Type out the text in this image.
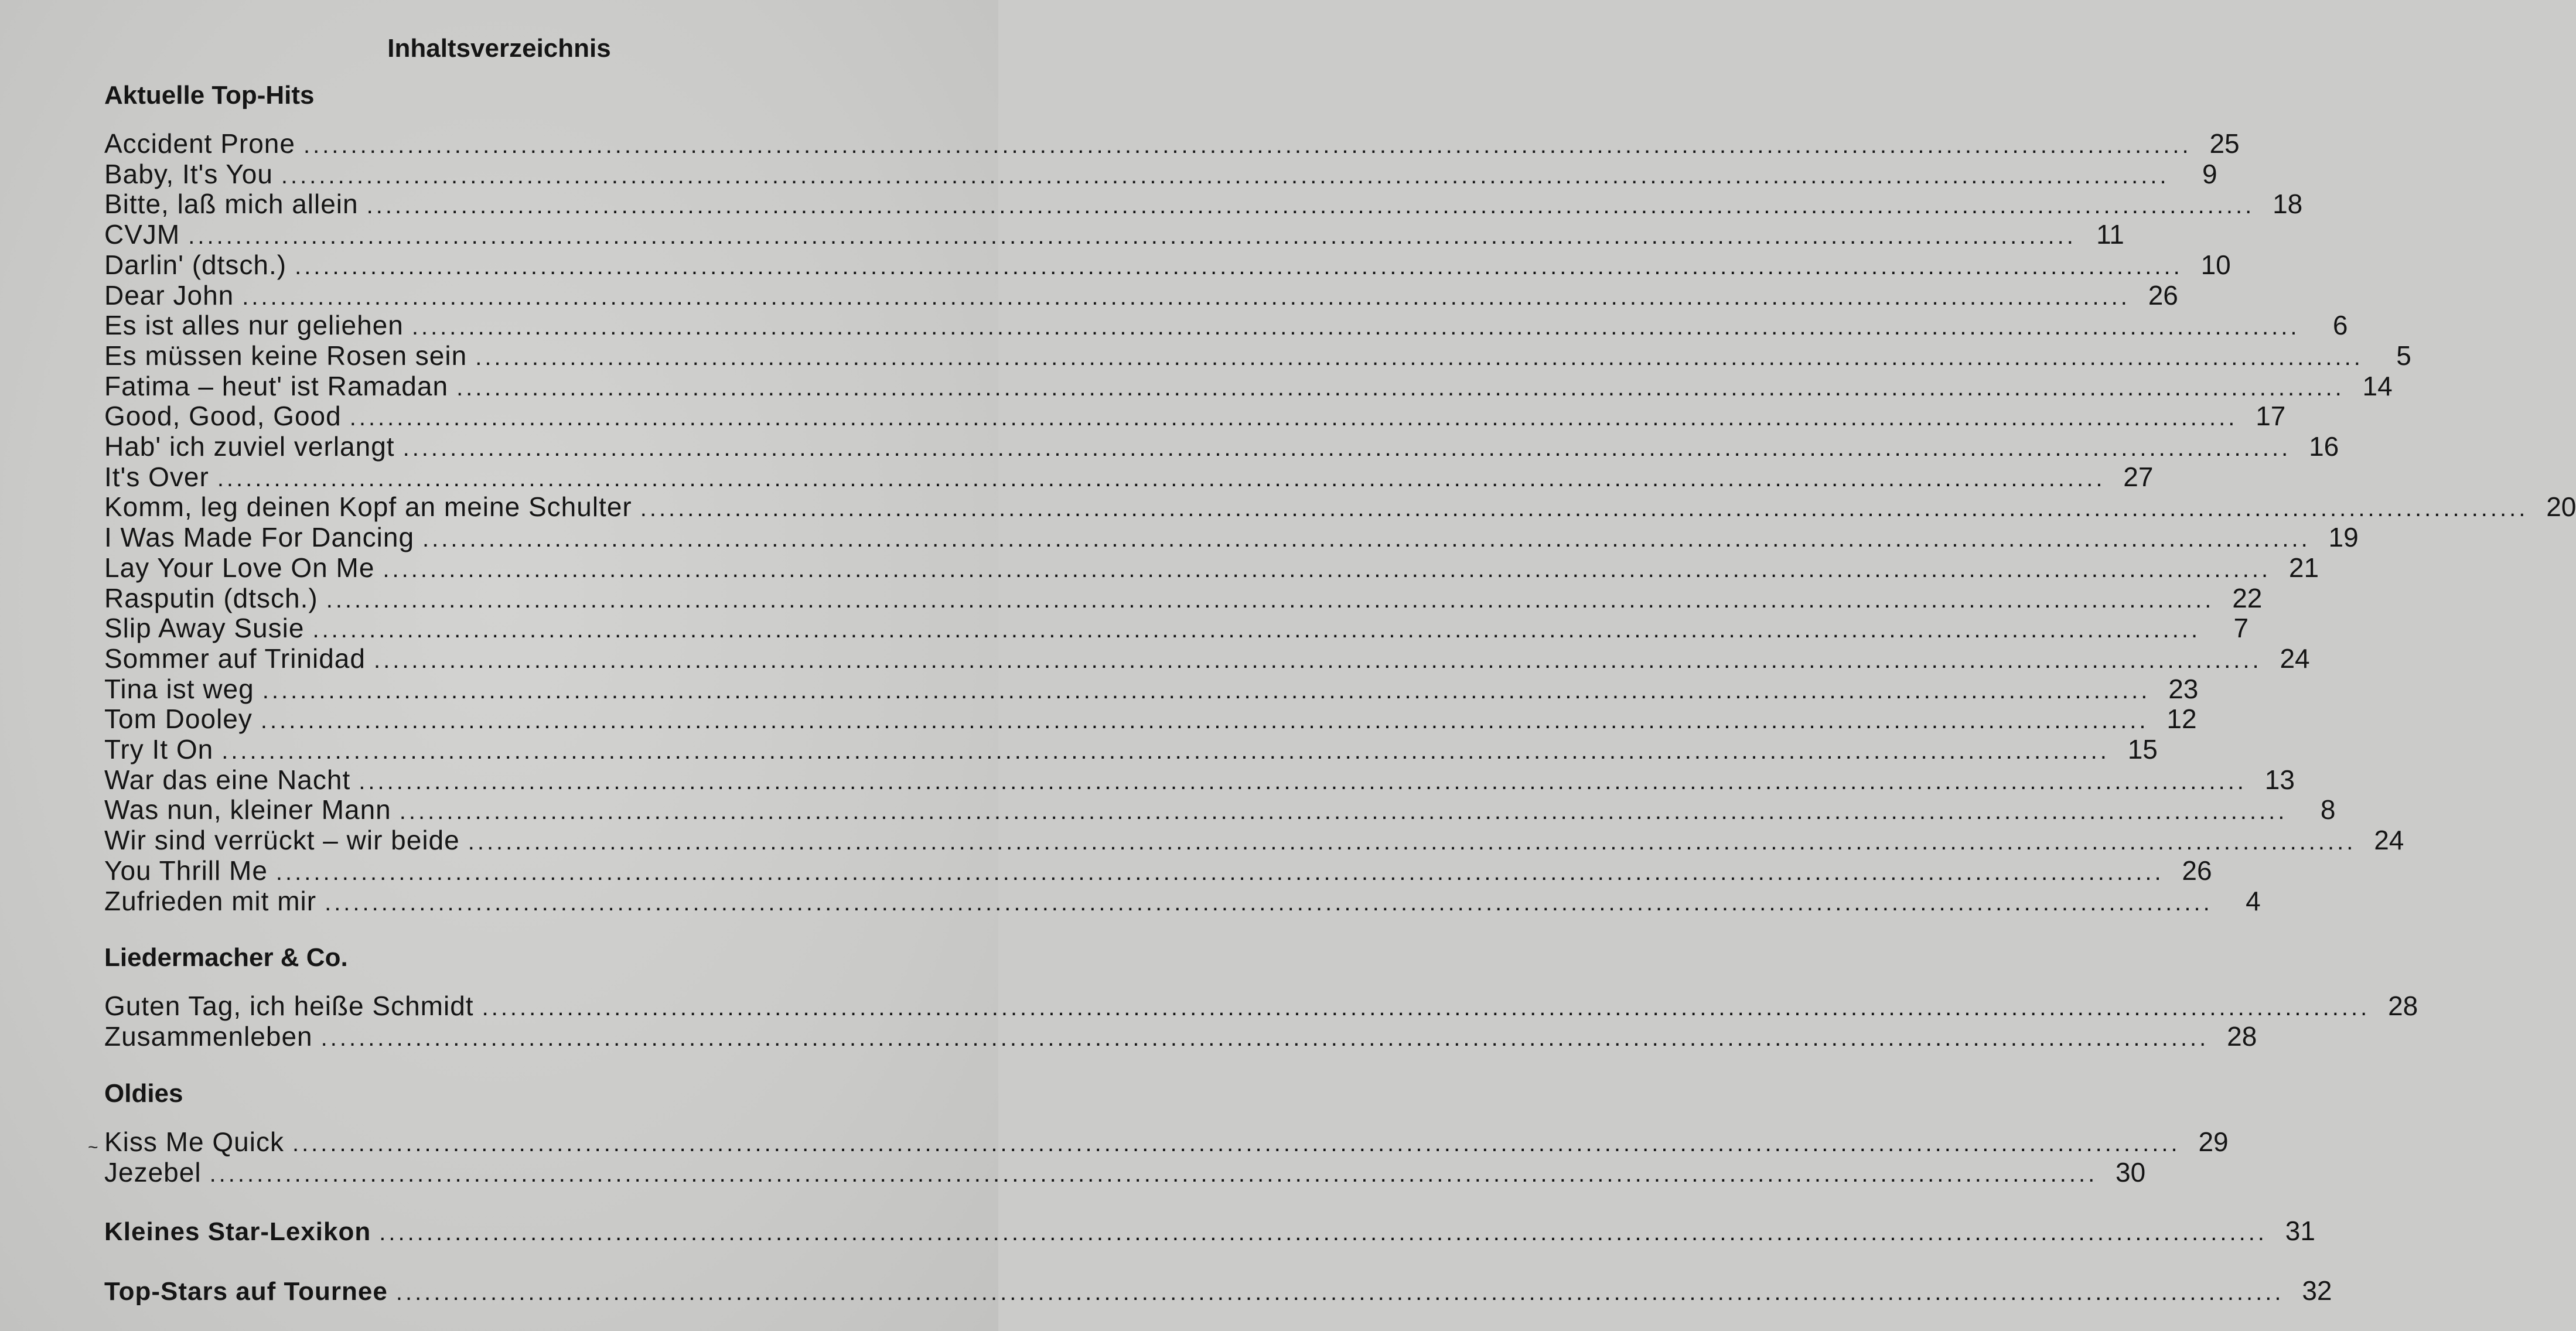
Inhaltsverzeichnis
Aktuelle Top-Hits
Accident Prone ........................................................................................................................................................................................................ 25
Baby, It's You ........................................................................................................................................................................................................	9
Bitte, laß mich allein ........................................................................................................................................................................................................ 18
CVJM ........................................................................................................................................................................................................ 11
Darlin' (dtsch.) ........................................................................................................................................................................................................ 10
Dear John ........................................................................................................................................................................................................ 26
Es ist alles nur geliehen ........................................................................................................................................................................................................	6
Es müssen keine Rosen sein ........................................................................................................................................................................................................	5
Fatima – heut' ist Ramadan ........................................................................................................................................................................................................ 14
Good, Good, Good ........................................................................................................................................................................................................ 17
Hab' ich zuviel verlangt ........................................................................................................................................................................................................ 16
It's Over ........................................................................................................................................................................................................ 27
Komm, leg deinen Kopf an meine Schulter ........................................................................................................................................................................................................ 20
I Was Made For Dancing ........................................................................................................................................................................................................ 19
Lay Your Love On Me ........................................................................................................................................................................................................ 21
Rasputin (dtsch.) ........................................................................................................................................................................................................ 22
Slip Away Susie ........................................................................................................................................................................................................	7
Sommer auf Trinidad ........................................................................................................................................................................................................ 24
Tina ist weg ........................................................................................................................................................................................................ 23
Tom Dooley ........................................................................................................................................................................................................ 12
Try It On ........................................................................................................................................................................................................ 15
War das eine Nacht ........................................................................................................................................................................................................ 13
Was nun, kleiner Mann ........................................................................................................................................................................................................	8
Wir sind verrückt – wir beide ........................................................................................................................................................................................................ 24
You Thrill Me ........................................................................................................................................................................................................ 26
Zufrieden mit mir ........................................................................................................................................................................................................	4
Liedermacher & Co.
Guten Tag, ich heiße Schmidt ........................................................................................................................................................................................................ 28
Zusammenleben ........................................................................................................................................................................................................ 28
Oldies
Kiss Me Quick ........................................................................................................................................................................................................ 29
Jezebel ........................................................................................................................................................................................................ 30
Kleines Star-Lexikon ........................................................................................................................................................................................................ 31
Top-Stars auf Tournee ........................................................................................................................................................................................................ 32
~
